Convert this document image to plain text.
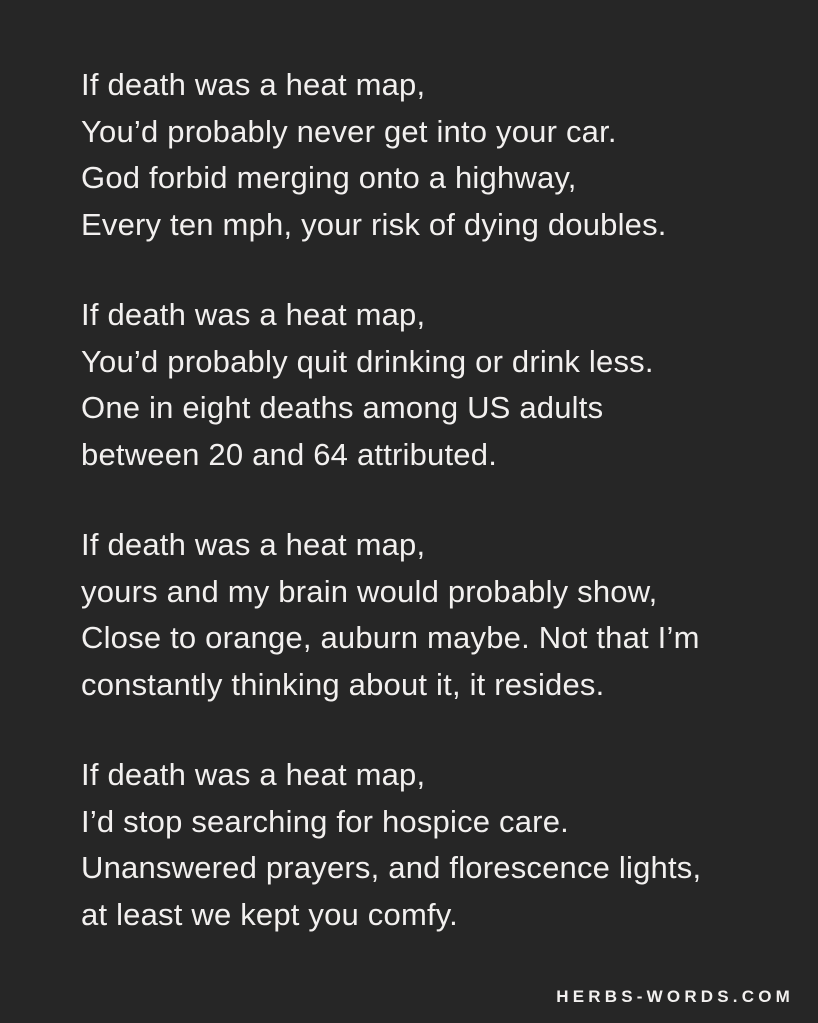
If death was a heat map,
You’d probably never get into your car.
God forbid merging onto a highway,
Every ten mph, your risk of dying doubles.
If death was a heat map,
You’d probably quit drinking or drink less.
One in eight deaths among US adults
between 20 and 64 attributed.
If death was a heat map,
yours and my brain would probably show,
Close to orange, auburn maybe. Not that I’m
constantly thinking about it, it resides.
If death was a heat map,
I’d stop searching for hospice care.
Unanswered prayers, and florescence lights,
at least we kept you comfy.
HERBS-WORDS.COM
